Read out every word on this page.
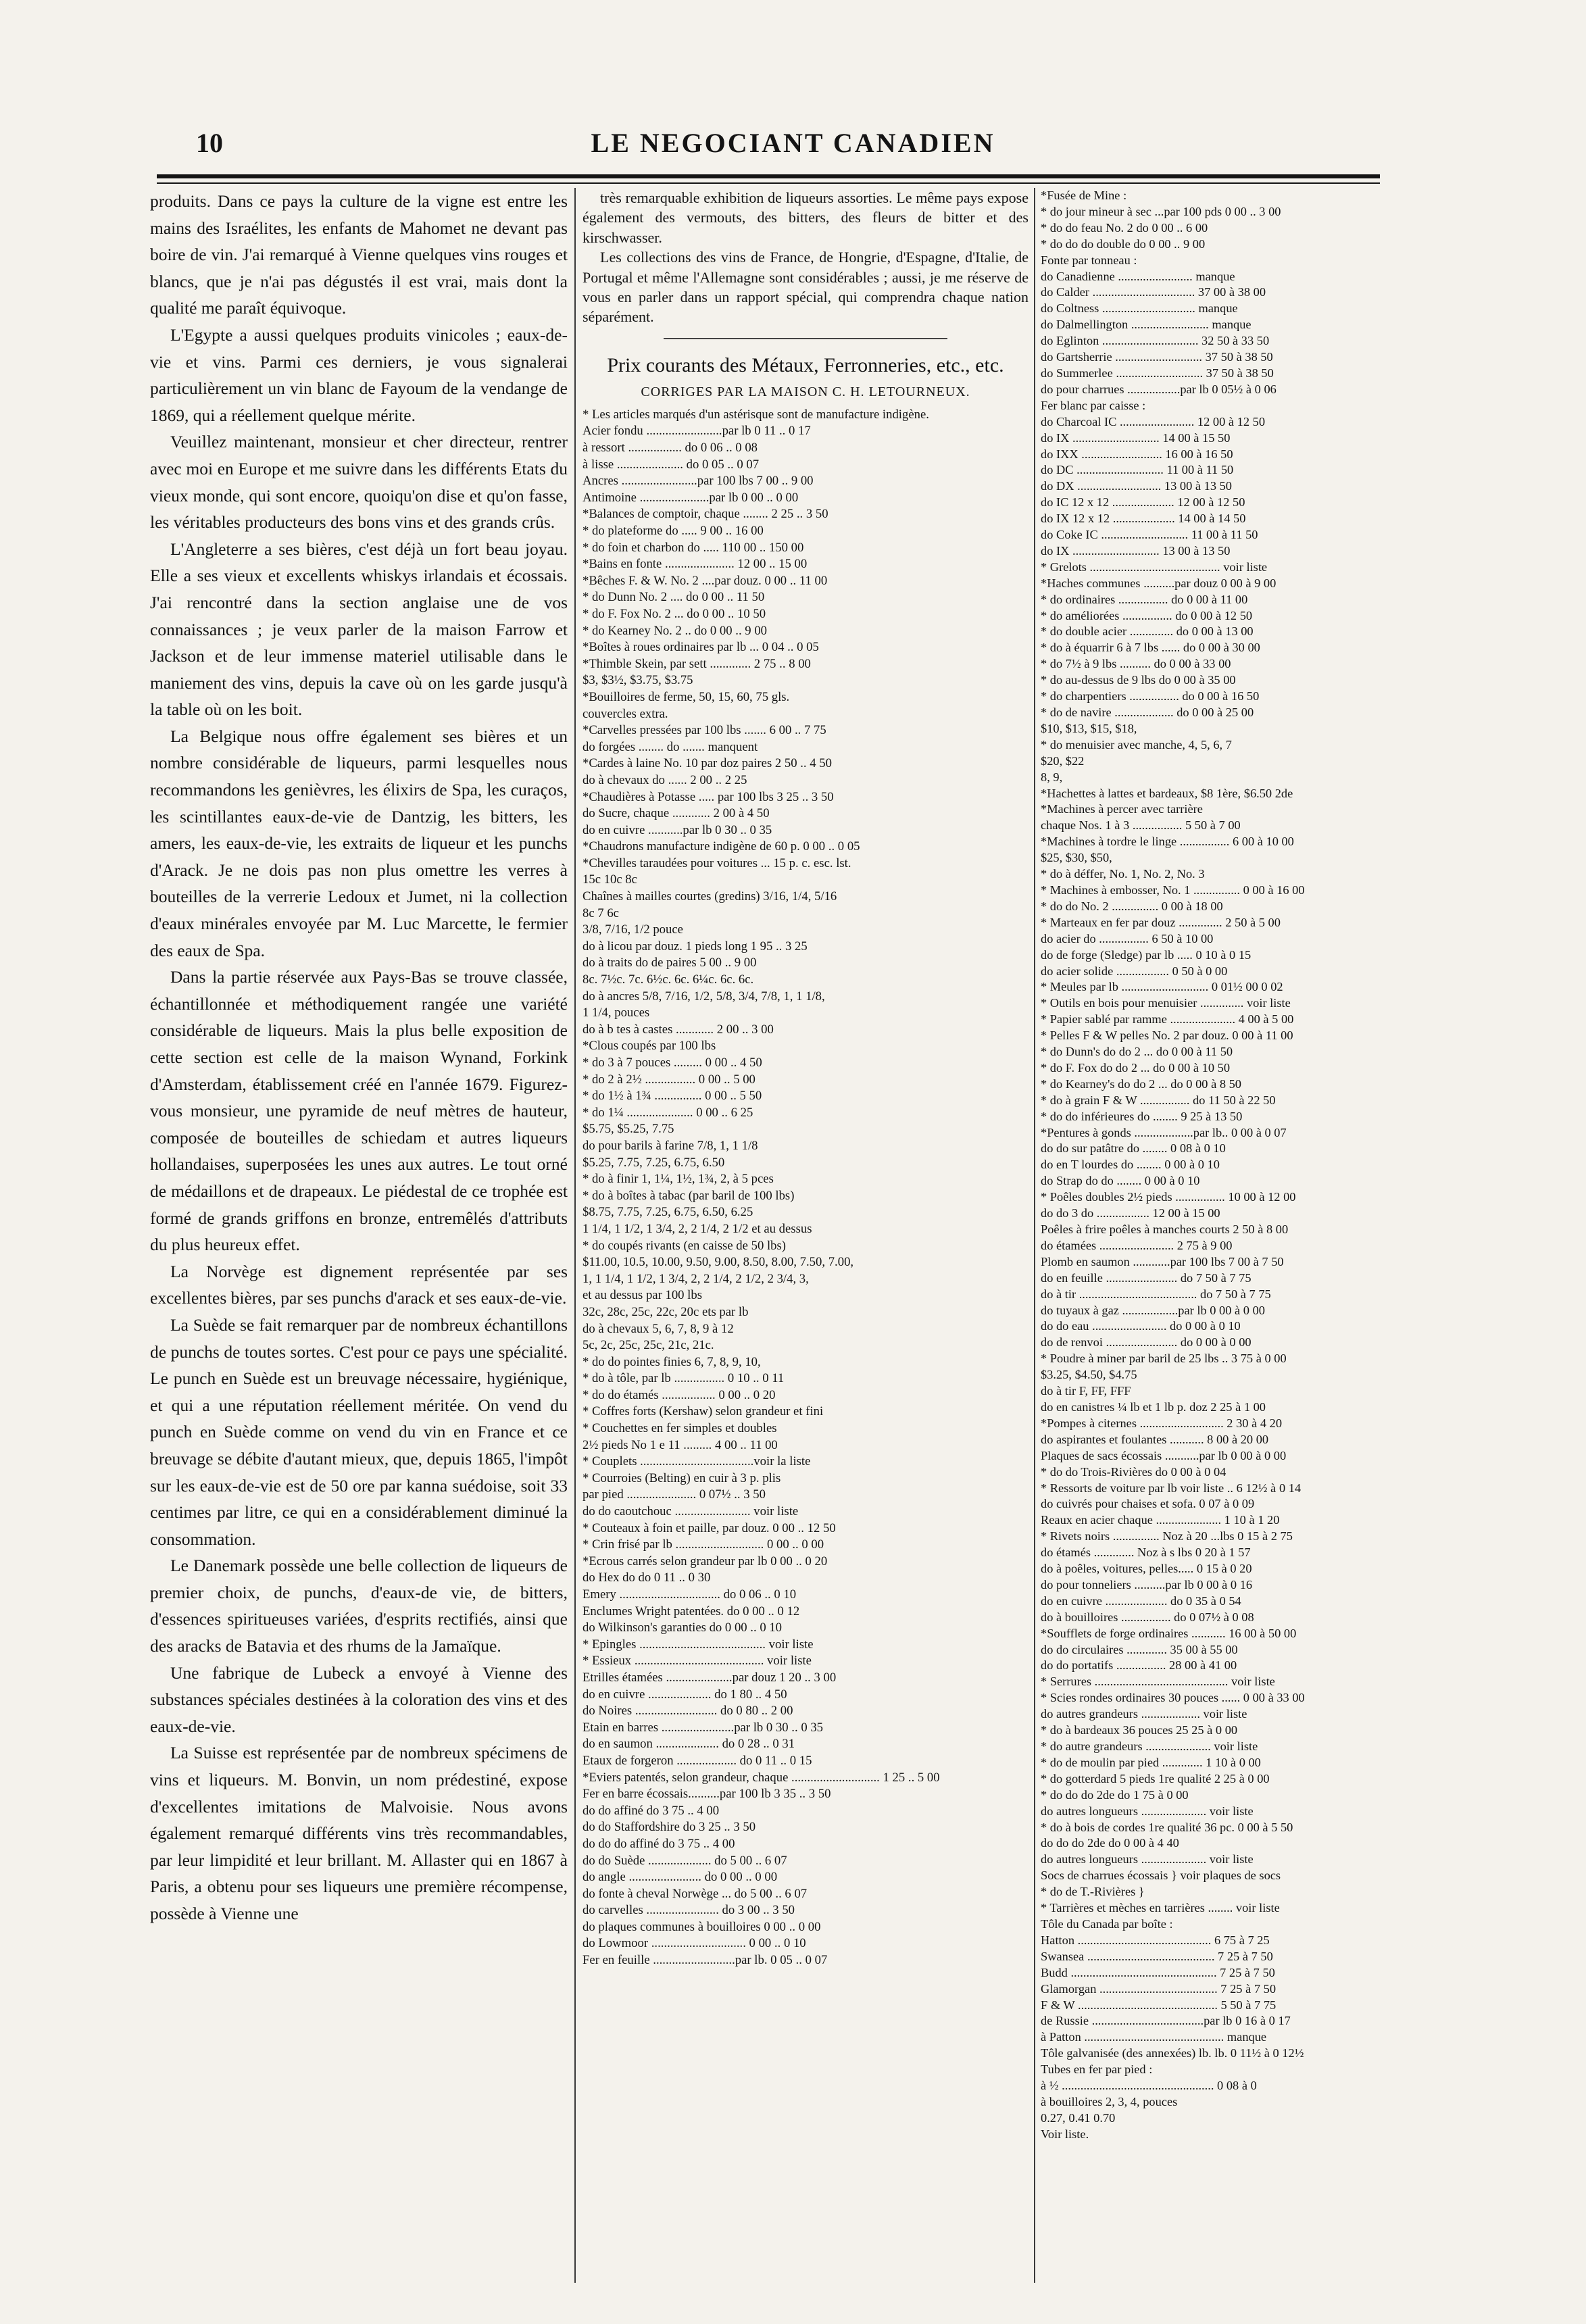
10	LE NEGOCIANT CANADIEN

produits. Dans ce pays la culture de la vigne est entre les mains des Israélites, les enfants de Mahomet ne devant pas boire de vin. J'ai remarqué à Vienne quelques vins rouges et blancs, que je n'ai pas dégustés il est vrai, mais dont la qualité me paraît équivoque.

L'Egypte a aussi quelques produits vinicoles ; eaux-de-vie et vins. Parmi ces derniers, je vous signalerai particulièrement un vin blanc de Fayoum de la vendange de 1869, qui a réellement quelque mérite.

Veuillez maintenant, monsieur et cher directeur, rentrer avec moi en Europe et me suivre dans les différents Etats du vieux monde, qui sont encore, quoiqu'on dise et qu'on fasse, les véritables producteurs des bons vins et des grands crûs.

L'Angleterre a ses bières, c'est déjà un fort beau joyau. Elle a ses vieux et excellents whiskys irlandais et écossais. J'ai rencontré dans la section anglaise une de vos connaissances ; je veux parler de la maison Farrow et Jackson et de leur immense materiel utilisable dans le maniement des vins, depuis la cave où on les garde jusqu'à la table où on les boit.

La Belgique nous offre également ses bières et un nombre considérable de liqueurs, parmi lesquelles nous recommandons les genièvres, les élixirs de Spa, les curaços, les scintillantes eaux-de-vie de Dantzig, les bitters, les amers, les eaux-de-vie, les extraits de liqueur et les punchs d'Arack. Je ne dois pas non plus omettre les verres à bouteilles de la verrerie Ledoux et Jumet, ni la collection d'eaux minérales envoyée par M. Luc Marcette, le fermier des eaux de Spa.

Dans la partie réservée aux Pays-Bas se trouve classée, échantillonnée et méthodiquement rangée une variété considérable de liqueurs. Mais la plus belle exposition de cette section est celle de la maison Wynand, Forkink d'Amsterdam, établissement créé en l'année 1679. Figurez-vous monsieur, une pyramide de neuf mètres de hauteur, composée de bouteilles de schiedam et autres liqueurs hollandaises, superposées les unes aux autres. Le tout orné de médaillons et de drapeaux. Le piédestal de ce trophée est formé de grands griffons en bronze, entremêlés d'attributs du plus heureux effet.

La Norvège est dignement représentée par ses excellentes bières, par ses punchs d'arack et ses eaux-de-vie.

La Suède se fait remarquer par de nombreux échantillons de punchs de toutes sortes. C'est pour ce pays une spécialité. Le punch en Suède est un breuvage nécessaire, hygiénique, et qui a une réputation réellement méritée. On vend du punch en Suède comme on vend du vin en France et ce breuvage se débite d'autant mieux, que, depuis 1865, l'impôt sur les eaux-de-vie est de 50 ore par kanna suédoise, soit 33 centimes par litre, ce qui en a considérablement diminué la consommation.

Le Danemark possède une belle collection de liqueurs de premier choix, de punchs, d'eaux-de vie, de bitters, d'essences spiritueuses variées, d'esprits rectifiés, ainsi que des aracks de Batavia et des rhums de la Jamaïque.

Une fabrique de Lubeck a envoyé à Vienne des substances spéciales destinées à la coloration des vins et des eaux-de-vie.

La Suisse est représentée par de nombreux spécimens de vins et liqueurs. M. Bonvin, un nom prédestiné, expose d'excellentes imitations de Malvoisie. Nous avons également remarqué différents vins très recommandables, par leur limpidité et leur brillant. M. Allaster qui en 1867 à Paris, a obtenu pour ses liqueurs une première récompense, possède à Vienne une

très remarquable exhibition de liqueurs assorties. Le même pays expose également des vermouts, des bitters, des fleurs de bitter et des kirschwasser.

Les collections des vins de France, de Hongrie, d'Espagne, d'Italie, de Portugal et même l'Allemagne sont considérables ; aussi, je me réserve de vous en parler dans un rapport spécial, qui comprendra chaque nation séparément.

Prix courants des Métaux, Ferronneries, etc., etc.
CORRIGES PAR LA MAISON C. H. LETOURNEUX.
* Les articles marqués d'un astérisque sont de manufacture indigène.
Acier fondu ........................par lb 0 11 .. 0 17
à ressort ................. do 0 06 .. 0 08
à lisse ..................... do 0 05 .. 0 07
Ancres ........................par 100 lbs 7 00 .. 9 00
Antimoine ......................par lb 0 00 .. 0 00
*Balances de comptoir, chaque ........ 2 25 .. 3 50
* do plateforme do ..... 9 00 .. 16 00
* do foin et charbon do ..... 110 00 .. 150 00
*Bains en fonte ...................... 12 00 .. 15 00
*Bêches F. & W. No. 2 ....par douz. 0 00 .. 11 00
* do Dunn No. 2 .... do 0 00 .. 11 50
* do F. Fox No. 2 ... do 0 00 .. 10 50
* do Kearney No. 2 .. do 0 00 .. 9 00
*Boîtes à roues ordinaires par lb ... 0 04 .. 0 05
*Thimble Skein, par sett ............. 2 75 .. 8 00
$3, $3½, $3.75, $3.75
*Bouilloires de ferme, 50, 15, 60, 75 gls.
couvercles extra.
*Carvelles pressées par 100 lbs ....... 6 00 .. 7 75
do forgées ........ do ....... manquent
*Cardes à laine No. 10 par doz paires 2 50 .. 4 50
do à chevaux do ...... 2 00 .. 2 25
*Chaudières à Potasse ..... par 100 lbs 3 25 .. 3 50
do Sucre, chaque ............ 2 00 à 4 50
do en cuivre ...........par lb 0 30 .. 0 35
*Chaudrons manufacture indigène de 60 p. 0 00 .. 0 05
*Chevilles taraudées pour voitures ... 15 p. c. esc. lst.
15c 10c 8c
Chaînes à mailles courtes (gredins) 3/16, 1/4, 5/16
8c 7 6c
3/8, 7/16, 1/2 pouce
do à licou par douz. 1 pieds long 1 95 .. 3 25
do à traits do de paires 5 00 .. 9 00
8c. 7½c. 7c. 6½c. 6c. 6¼c. 6c. 6c.
do à ancres 5/8, 7/16, 1/2, 5/8, 3/4, 7/8, 1, 1 1/8,
1 1/4, pouces
do à b tes à castes ............ 2 00 .. 3 00
*Clous coupés par 100 lbs
* do 3 à 7 pouces ......... 0 00 .. 4 50
* do 2 à 2½ ................ 0 00 .. 5 00
* do 1½ à 1¾ ............... 0 00 .. 5 50
* do 1¼ ..................... 0 00 .. 6 25
$5.75, $5.25, 7.75
do pour barils à farine 7/8, 1, 1 1/8
$5.25, 7.75, 7.25, 6.75, 6.50
* do à finir 1, 1¼, 1½, 1¾, 2, à 5 pces
* do à boîtes à tabac (par baril de 100 lbs)
$8.75, 7.75, 7.25, 6.75, 6.50, 6.25
1 1/4, 1 1/2, 1 3/4, 2, 2 1/4, 2 1/2 et au dessus
* do coupés rivants (en caisse de 50 lbs)
$11.00, 10.5, 10.00, 9.50, 9.00, 8.50, 8.00, 7.50, 7.00,
1, 1 1/4, 1 1/2, 1 3/4, 2, 2 1/4, 2 1/2, 2 3/4, 3,
et au dessus par 100 lbs
32c, 28c, 25c, 22c, 20c ets par lb
do à chevaux 5, 6, 7, 8, 9 à 12
5c, 2c, 25c, 25c, 21c, 21c.
* do do pointes finies 6, 7, 8, 9, 10,
* do à tôle, par lb ................ 0 10 .. 0 11
* do do étamés ................. 0 00 .. 0 20
* Coffres forts (Kershaw) selon grandeur et fini
* Couchettes en fer simples et doubles
2½ pieds No 1 e 11 ......... 4 00 .. 11 00
* Couplets ....................................voir la liste
* Courroies (Belting) en cuir à 3 p. plis
par pied ...................... 0 07½ .. 3 50
do do caoutchouc ........................ voir liste
* Couteaux à foin et paille, par douz. 0 00 .. 12 50
* Crin frisé par lb ............................ 0 00 .. 0 00
*Ecrous carrés selon grandeur par lb 0 00 .. 0 20
do Hex do do 0 11 .. 0 30
Emery ................................ do 0 06 .. 0 10
Enclumes Wright patentées. do 0 00 .. 0 12
do Wilkinson's garanties do 0 00 .. 0 10
* Epingles ........................................ voir liste
* Essieux ......................................... voir liste
Etrilles étamées .....................par douz 1 20 .. 3 00
do en cuivre .................... do 1 80 .. 4 50
do Noires .......................... do 0 80 .. 2 00
Etain en barres .......................par lb 0 30 .. 0 35
do en saumon .................... do 0 28 .. 0 31
Etaux de forgeron ................... do 0 11 .. 0 15
*Eviers patentés, selon grandeur, chaque ............................ 1 25 .. 5 00
Fer en barre écossais..........par 100 lb 3 35 .. 3 50
do do affiné do 3 75 .. 4 00
do do Staffordshire do 3 25 .. 3 50
do do do affiné do 3 75 .. 4 00
do do Suède .................... do 5 00 .. 6 07
do angle ....................... do 0 00 .. 0 00
do fonte à cheval Norwège ... do 5 00 .. 6 07
do carvelles ....................... do 3 00 .. 3 50
do plaques communes à bouilloires 0 00 .. 0 00
do Lowmoor .............................. 0 00 .. 0 10
Fer en feuille ..........................par lb. 0 05 .. 0 07
*Fusée de Mine :
* do jour mineur à sec ...par 100 pds 0 00 .. 3 00
* do do feau No. 2 do 0 00 .. 6 00
* do do do double do 0 00 .. 9 00
Fonte par tonneau :
do Canadienne ........................ manque
do Calder ................................. 37 00 à 38 00
do Coltness .............................. manque
do Dalmellington ......................... manque
do Eglinton ............................... 32 50 à 33 50
do Gartsherrie ............................ 37 50 à 38 50
do Summerlee ............................ 37 50 à 38 50
do pour charrues .................par lb 0 05½ à 0 06
Fer blanc par caisse :
do Charcoal IC ........................ 12 00 à 12 50
do IX ............................ 14 00 à 15 50
do IXX .......................... 16 00 à 16 50
do DC ............................ 11 00 à 11 50
do DX ........................... 13 00 à 13 50
do IC 12 x 12 .................... 12 00 à 12 50
do IX 12 x 12 .................... 14 00 à 14 50
do Coke IC ............................ 11 00 à 11 50
do IX ............................ 13 00 à 13 50
* Grelots .......................................... voir liste
*Haches communes ..........par douz 0 00 à 9 00
* do ordinaires ................ do 0 00 à 11 00
* do améliorées ................ do 0 00 à 12 50
* do double acier .............. do 0 00 à 13 00
* do à équarrir 6 à 7 lbs ...... do 0 00 à 30 00
* do 7½ à 9 lbs .......... do 0 00 à 33 00
* do au-dessus de 9 lbs do 0 00 à 35 00
* do charpentiers ................ do 0 00 à 16 50
* do de navire ................... do 0 00 à 25 00
$10, $13, $15, $18,
* do menuisier avec manche, 4, 5, 6, 7
$20, $22
8, 9,
*Hachettes à lattes et bardeaux, $8 1ère, $6.50 2de
*Machines à percer avec tarrière
chaque Nos. 1 à 3 ................ 5 50 à 7 00
*Machines à tordre le linge ................ 6 00 à 10 00
$25, $30, $50,
* do à déffer, No. 1, No. 2, No. 3
* Machines à embosser, No. 1 ............... 0 00 à 16 00
* do do No. 2 ............... 0 00 à 18 00
* Marteaux en fer par douz .............. 2 50 à 5 00
do acier do ................ 6 50 à 10 00
do de forge (Sledge) par lb ..... 0 10 à 0 15
do acier solide ................. 0 50 à 0 00
* Meules par lb ............................ 0 01½ 00 0 02
* Outils en bois pour menuisier .............. voir liste
* Papier sablé par ramme ..................... 4 00 à 5 00
* Pelles F & W pelles No. 2 par douz. 0 00 à 11 00
* do Dunn's do do 2 ... do 0 00 à 11 50
* do F. Fox do do 2 ... do 0 00 à 10 50
* do Kearney's do do 2 ... do 0 00 à 8 50
* do à grain F & W ................ do 11 50 à 22 50
* do do inférieures do ........ 9 25 à 13 50
*Pentures à gonds ...................par lb.. 0 00 à 0 07
do do sur patâtre do ........ 0 08 à 0 10
do en T lourdes do ........ 0 00 à 0 10
do Strap do do ........ 0 00 à 0 10
* Poêles doubles 2½ pieds ................ 10 00 à 12 00
do do 3 do ................. 12 00 à 15 00
Poêles à frire poêles à manches courts 2 50 à 8 00
do étamées ........................ 2 75 à 9 00
Plomb en saumon ............par 100 lbs 7 00 à 7 50
do en feuille ....................... do 7 50 à 7 75
do à tir ...................................... do 7 50 à 7 75
do tuyaux à gaz ..................par lb 0 00 à 0 00
do do eau ........................ do 0 00 à 0 10
do de renvoi ....................... do 0 00 à 0 00
* Poudre à miner par baril de 25 lbs .. 3 75 à 0 00
$3.25, $4.50, $4.75
do à tir F, FF, FFF
do en canistres ¼ lb et 1 lb p. doz 2 25 à 1 00
*Pompes à citernes ........................... 2 30 à 4 20
do aspirantes et foulantes ........... 8 00 à 20 00
Plaques de sacs écossais ...........par lb 0 00 à 0 00
* do do Trois-Rivières do 0 00 à 0 04
* Ressorts de voiture par lb voir liste .. 6 12½ à 0 14
do cuivrés pour chaises et sofa. 0 07 à 0 09
Reaux en acier chaque ..................... 1 10 à 1 20
* Rivets noirs ............... Noz à 20 ...lbs 0 15 à 2 75
do étamés ............. Noz à s lbs 0 20 à 1 57
do à poêles, voitures, pelles..... 0 15 à 0 20
do pour tonneliers ..........par lb 0 00 à 0 16
do en cuivre .................... do 0 35 à 0 54
do à bouilloires ................ do 0 07½ à 0 08
*Soufflets de forge ordinaires ........... 16 00 à 50 00
do do circulaires ............. 35 00 à 55 00
do do portatifs ................ 28 00 à 41 00
* Serrures ........................................... voir liste
* Scies rondes ordinaires 30 pouces ...... 0 00 à 33 00
do autres grandeurs ................... voir liste
* do à bardeaux 36 pouces 25 25 à 0 00
* do autre grandeurs ..................... voir liste
* do de moulin par pied ............. 1 10 à 0 00
* do gotterdard 5 pieds 1re qualité 2 25 à 0 00
* do do do 2de do 1 75 à 0 00
do autres longueurs ..................... voir liste
* do à bois de cordes 1re qualité 36 pc. 0 00 à 5 50
do do do 2de do 0 00 à 4 40
do autres longueurs ..................... voir liste
Socs de charrues écossais } voir plaques de socs
* do de T.-Rivières }
* Tarrières et mèches en tarrières ........ voir liste
Tôle du Canada par boîte :
Hatton ........................................... 6 75 à 7 25
Swansea ......................................... 7 25 à 7 50
Budd ............................................... 7 25 à 7 50
Glamorgan ...................................... 7 25 à 7 50
F & W ............................................. 5 50 à 7 75
de Russie ....................................par lb 0 16 à 0 17
à Patton ............................................. manque
Tôle galvanisée (des annexées) lb. lb. 0 11½ à 0 12½
Tubes en fer par pied :
à ½ ................................................. 0 08 à 0
à bouilloires 2, 3, 4, pouces
0.27, 0.41 0.70
Voir liste.
